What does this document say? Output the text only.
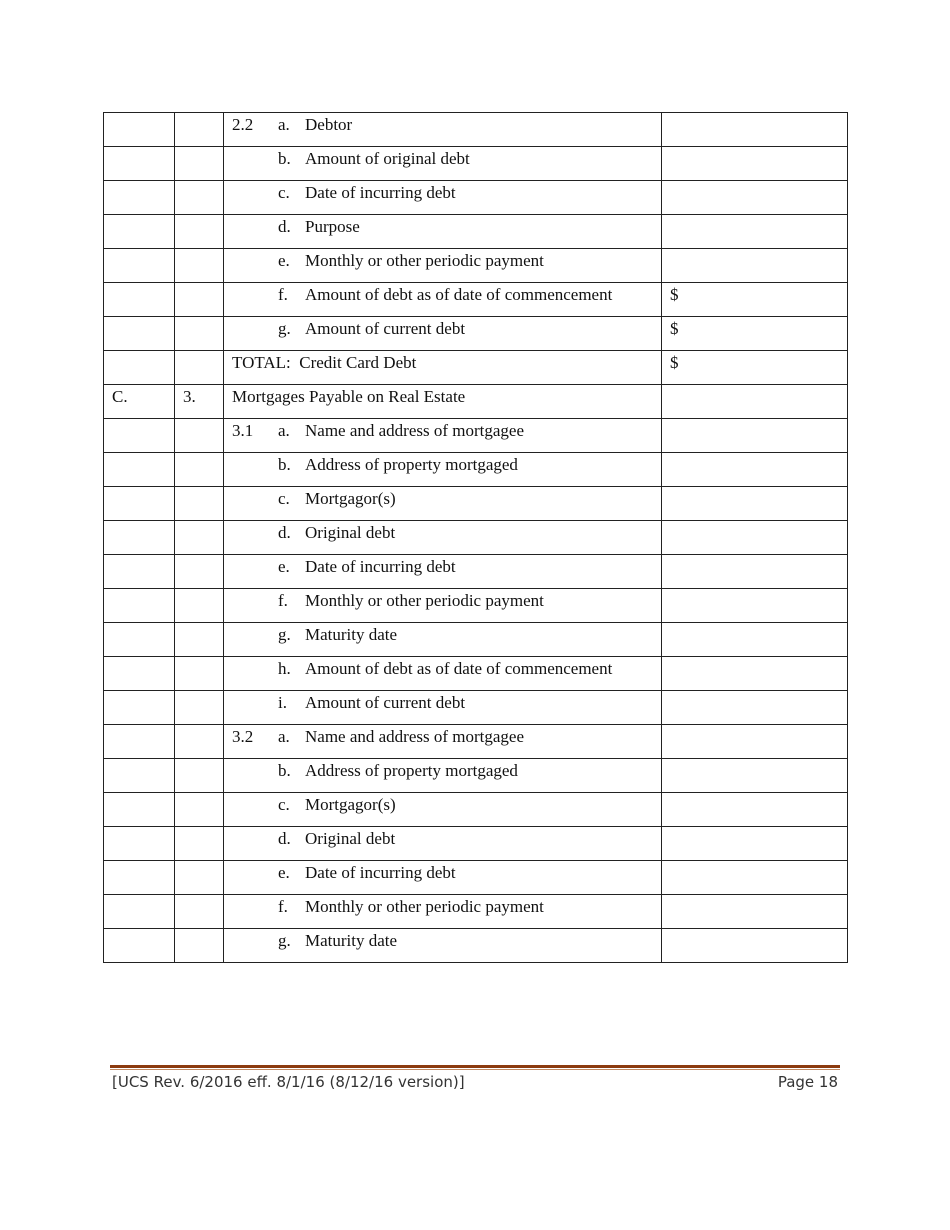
		2.2 a. Debtor	
		b. Amount of original debt	
		c. Date of incurring debt	
		d. Purpose	
		e. Monthly or other periodic payment	
		f. Amount of debt as of date of commencement	$
		g. Amount of current debt	$
		TOTAL:  Credit Card Debt	$
C.	3.	Mortgages Payable on Real Estate	
		3.1 a. Name and address of mortgagee	
		b. Address of property mortgaged	
		c. Mortgagor(s)	
		d. Original debt	
		e. Date of incurring debt	
		f. Monthly or other periodic payment	
		g. Maturity date	
		h. Amount of debt as of date of commencement	
		i. Amount of current debt	
		3.2 a. Name and address of mortgagee	
		b. Address of property mortgaged	
		c. Mortgagor(s)	
		d. Original debt	
		e. Date of incurring debt	
		f. Monthly or other periodic payment	
		g. Maturity date	
[UCS Rev. 6/2016 eff. 8/1/16 (8/12/16 version)]	Page 18
